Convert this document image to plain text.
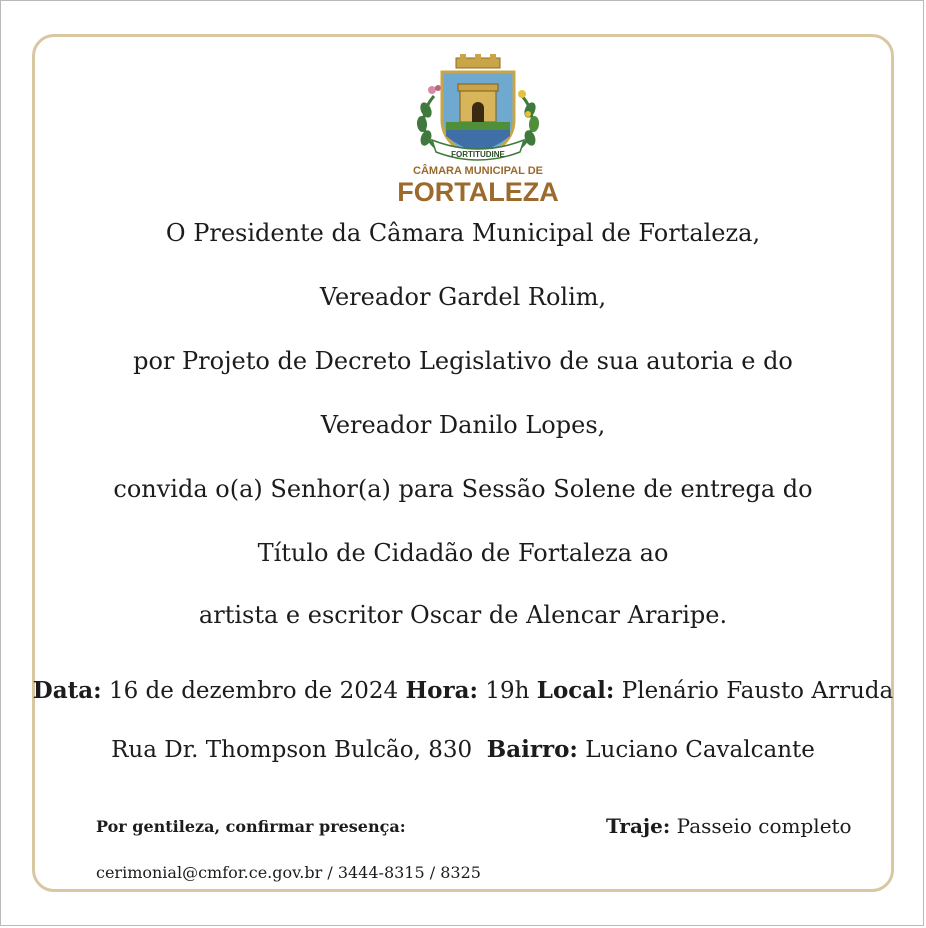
FORTITUDINE
CÂMARA MUNICIPAL DE
FORTALEZA
O Presidente da Câmara Municipal de Fortaleza,
Vereador Gardel Rolim,
por Projeto de Decreto Legislativo de sua autoria e do
Vereador Danilo Lopes,
convida o(a) Senhor(a) para Sessão Solene de entrega do
Título de Cidadão de Fortaleza ao
artista e escritor Oscar de Alencar Araripe.
Data: 16 de dezembro de 2024 Hora: 19h Local: Plenário Fausto Arruda
Rua Dr. Thompson Bulcão, 830 Bairro: Luciano Cavalcante
Por gentileza, confirmar presença:
cerimonial@cmfor.ce.gov.br / 3444-8315 / 8325
Traje: Passeio completo
